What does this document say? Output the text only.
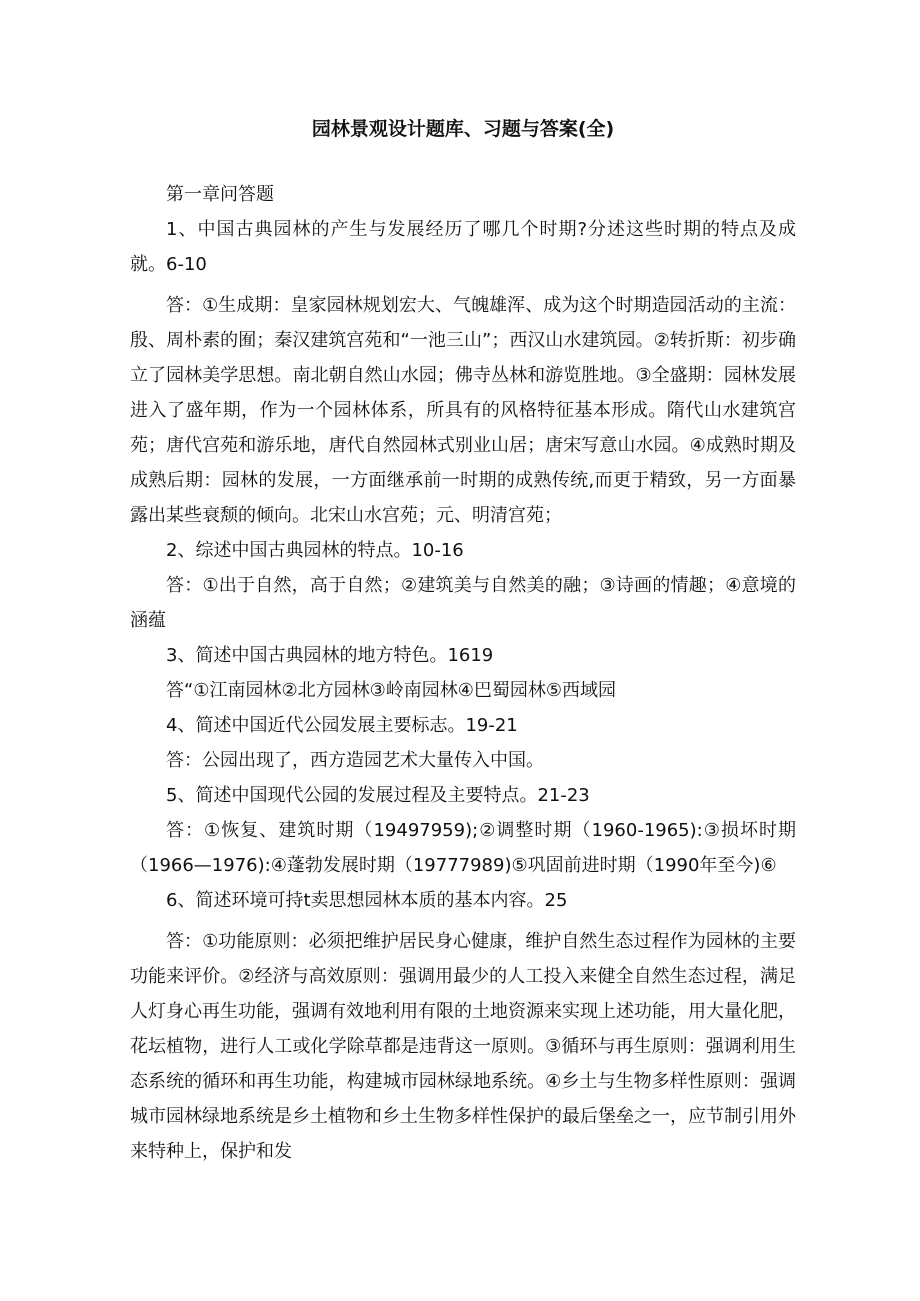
园林景观设计题库、习题与答案(全)

第一章问答题

1、中国古典园林的产生与发展经历了哪几个时期?分述这些时期的特点及成就。6-10

答：①生成期：皇家园林规划宏大、气魄雄浑、成为这个时期造园活动的主流：殷、周朴素的囿；秦汉建筑宫苑和“一池三山”；西汉山水建筑园。②转折斯：初步确立了园林美学思想。南北朝自然山水园；佛寺丛林和游览胜地。③全盛期：园林发展进入了盛年期，作为一个园林体系，所具有的风格特征基本形成。隋代山水建筑宫苑；唐代宫苑和游乐地，唐代自然园林式别业山居；唐宋写意山水园。④成熟时期及成熟后期：园林的发展，一方面继承前一时期的成熟传统,而更于精致，另一方面暴露出某些衰颓的倾向。北宋山水宫苑；元、明清宫苑；

2、综述中国古典园林的特点。10-16

答：①出于自然，高于自然；②建筑美与自然美的融；③诗画的情趣；④意境的涵蕴

3、简述中国古典园林的地方特色。1619

答“①江南园林②北方园林③岭南园林④巴蜀园林⑤西域园

4、简述中国近代公园发展主要标志。19-21

答：公园出现了，西方造园艺术大量传入中国。

5、简述中国现代公园的发展过程及主要特点。21-23

答：①恢复、建筑时期（19497959);②调整时期（1960-1965):③损坏时期（1966—1976):④蓬勃发展时期（19777989)⑤巩固前进时期（1990年至今)⑥

6、简述环境可持t卖思想园林本质的基本内容。25

答：①功能原则：必须把维护居民身心健康，维护自然生态过程作为园林的主要功能来评价。②经济与高效原则：强调用最少的人工投入来健全自然生态过程，满足人灯身心再生功能，强调有效地利用有限的土地资源来实现上述功能，用大量化肥，花坛植物，进行人工或化学除草都是违背这一原则。③循环与再生原则：强调利用生态系统的循环和再生功能，构建城市园林绿地系统。④乡土与生物多样性原则：强调城市园林绿地系统是乡土植物和乡土生物多样性保护的最后堡垒之一，应节制引用外来特种上，保护和发
